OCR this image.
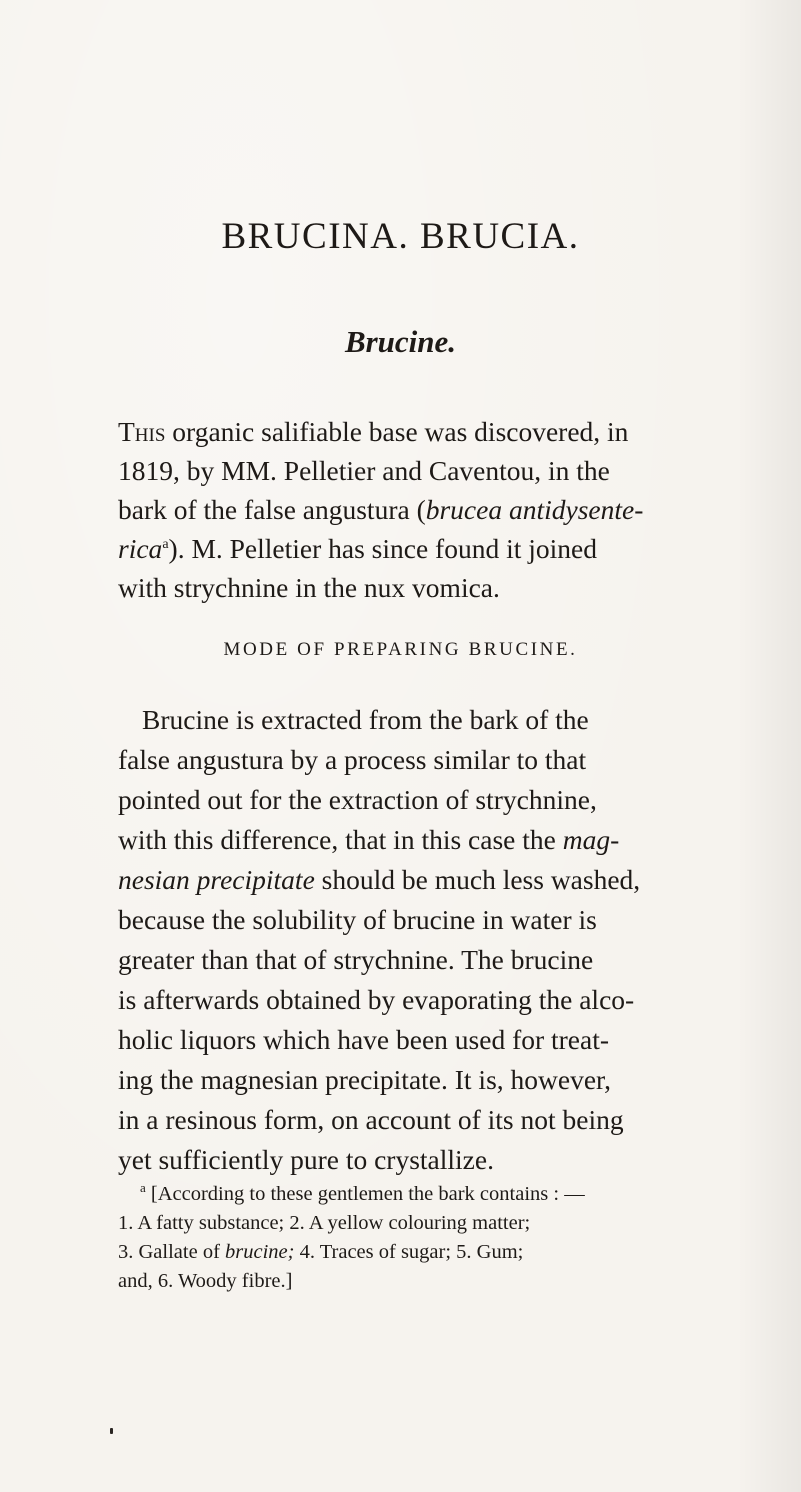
BRUCINA. BRUCIA.
Brucine.
This organic salifiable base was discovered, in
1819, by MM. Pelletier and Caventou, in the
bark of the false angustura (brucea antidysente-
rica$^a$). M. Pelletier has since found it joined
with strychnine in the nux vomica.
MODE OF PREPARING BRUCINE.
Brucine is extracted from the bark of the
false angustura by a process similar to that
pointed out for the extraction of strychnine,
with this difference, that in this case the mag-
nesian precipitate should be much less washed,
because the solubility of brucine in water is
greater than that of strychnine. The brucine
is afterwards obtained by evaporating the alco-
holic liquors which have been used for treat-
ing the magnesian precipitate. It is, however,
in a resinous form, on account of its not being
yet sufficiently pure to crystallize.
$^a$ [According to these gentlemen the bark contains : —
1. A fatty substance; 2. A yellow colouring matter;
3. Gallate of brucine; 4. Traces of sugar; 5. Gum;
and, 6. Woody fibre.]
